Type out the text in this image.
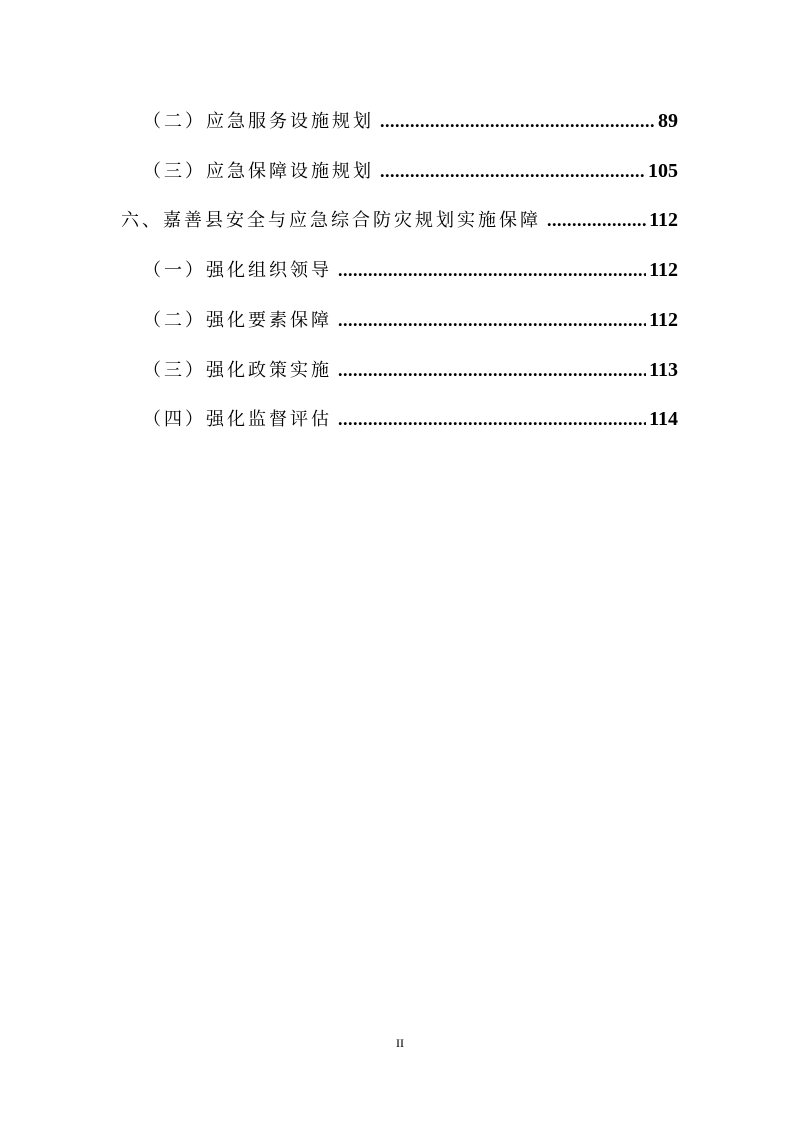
（二）应急服务设施规划 .....	89
（三）应急保障设施规划 .....	105
六、嘉善县安全与应急综合防灾规划实施保障 .....	112
（一）强化组织领导 .....	112
（二）强化要素保障 .....	112
（三）强化政策实施 .....	113
（四）强化监督评估 .....	114
II
